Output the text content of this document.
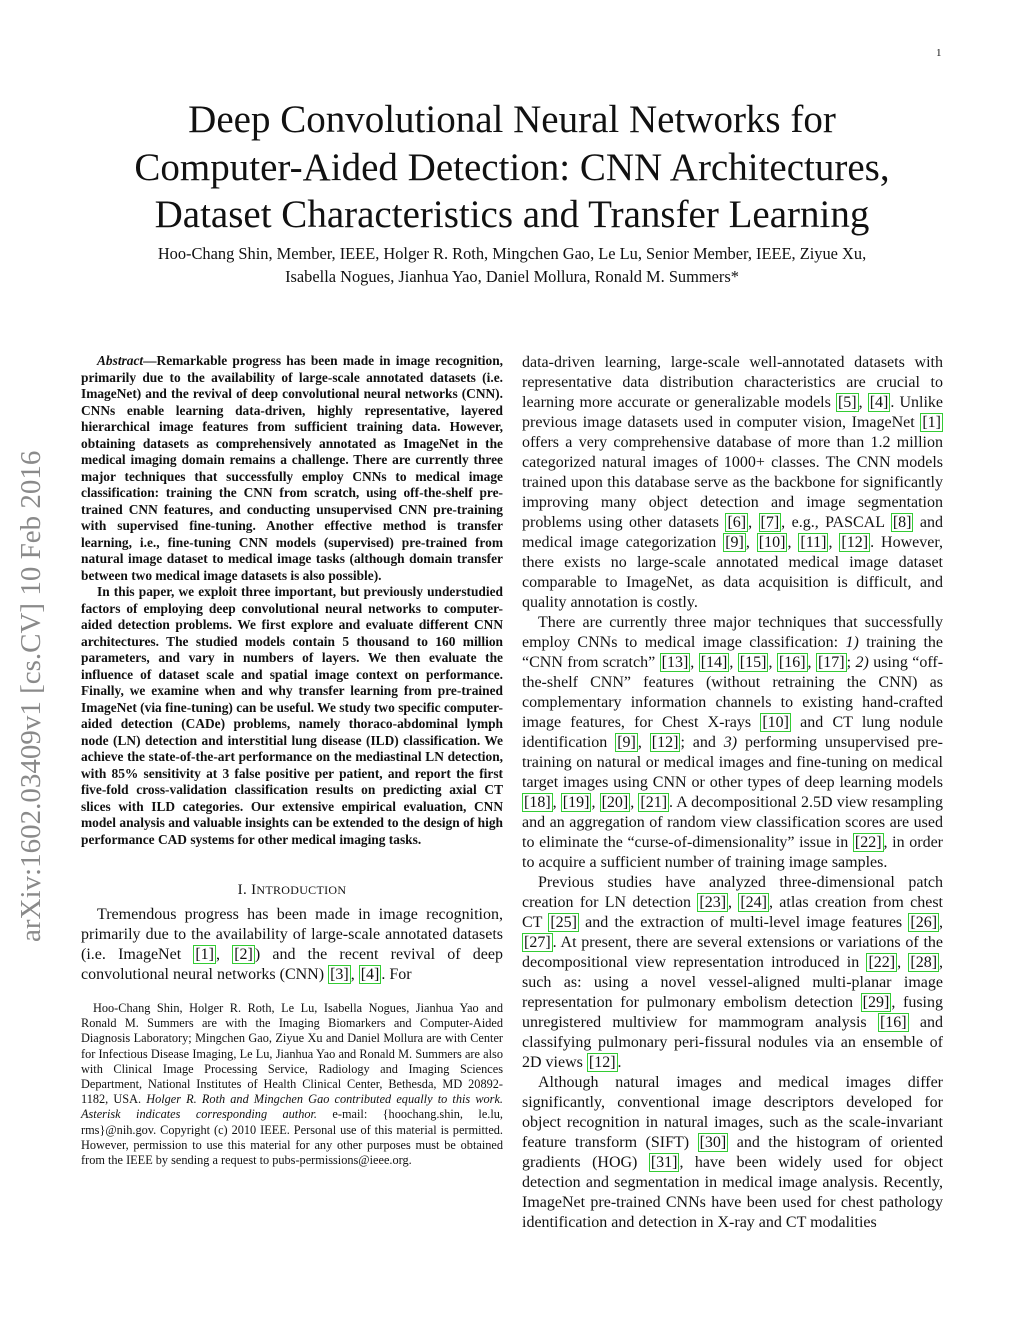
1
Deep Convolutional Neural Networks for
Computer-Aided Detection: CNN Architectures,
Dataset Characteristics and Transfer Learning
Hoo-Chang Shin, Member, IEEE, Holger R. Roth, Mingchen Gao, Le Lu, Senior Member, IEEE, Ziyue Xu,
Isabella Nogues, Jianhua Yao, Daniel Mollura, Ronald M. Summers*
arXiv:1602.03409v1 [cs.CV] 10 Feb 2016

Abstract—Remarkable progress has been made in image recognition, primarily due to the availability of large-scale annotated datasets (i.e. ImageNet) and the revival of deep convolutional neural networks (CNN). CNNs enable learning data-driven, highly representative, layered hierarchical image features from sufficient training data. However, obtaining datasets as comprehensively annotated as ImageNet in the medical imaging domain remains a challenge. There are currently three major techniques that successfully employ CNNs to medical image classification: training the CNN from scratch, using off-the-shelf pre-trained CNN features, and conducting unsupervised CNN pre-training with supervised fine-tuning. Another effective method is transfer learning, i.e., fine-tuning CNN models (supervised) pre-trained from natural image dataset to medical image tasks (although domain transfer between two medical image datasets is also possible).

In this paper, we exploit three important, but previously understudied factors of employing deep convolutional neural networks to computer-aided detection problems. We first explore and evaluate different CNN architectures. The studied models contain 5 thousand to 160 million parameters, and vary in numbers of layers. We then evaluate the influence of dataset scale and spatial image context on performance. Finally, we examine when and why transfer learning from pre-trained ImageNet (via fine-tuning) can be useful. We study two specific computer-aided detection (CADe) problems, namely thoraco-abdominal lymph node (LN) detection and interstitial lung disease (ILD) classification. We achieve the state-of-the-art performance on the mediastinal LN detection, with 85% sensitivity at 3 false positive per patient, and report the first five-fold cross-validation classification results on predicting axial CT slices with ILD categories. Our extensive empirical evaluation, CNN model analysis and valuable insights can be extended to the design of high performance CAD systems for other medical imaging tasks.

I. INTRODUCTION

Tremendous progress has been made in image recognition, primarily due to the availability of large-scale annotated datasets (i.e. ImageNet [1] , [2] ) and the recent revival of deep convolutional neural networks (CNN) [3] , [4] . For

Hoo-Chang Shin, Holger R. Roth, Le Lu, Isabella Nogues, Jianhua Yao and Ronald M. Summers are with the Imaging Biomarkers and Computer-Aided Diagnosis Laboratory; Mingchen Gao, Ziyue Xu and Daniel Mollura are with Center for Infectious Disease Imaging, Le Lu, Jianhua Yao and Ronald M. Summers are also with Clinical Image Processing Service, Radiology and Imaging Sciences Department, National Institutes of Health Clinical Center, Bethesda, MD 20892-1182, USA. Holger R. Roth and Mingchen Gao contributed equally to this work. Asterisk indicates corresponding author. e-mail: {hoochang.shin, le.lu, rms}@nih.gov. Copyright (c) 2010 IEEE. Personal use of this material is permitted. However, permission to use this material for any other purposes must be obtained from the IEEE by sending a request to pubs-permissions@ieee.org.

data-driven learning, large-scale well-annotated datasets with representative data distribution characteristics are crucial to learning more accurate or generalizable models [5] , [4] . Unlike previous image datasets used in computer vision, ImageNet [1] offers a very comprehensive database of more than 1.2 million categorized natural images of 1000+ classes. The CNN models trained upon this database serve as the backbone for significantly improving many object detection and image segmentation problems using other datasets [6] , [7] , e.g., PASCAL [8] and medical image categorization [9] , [10] , [11] , [12] . However, there exists no large-scale annotated medical image dataset comparable to ImageNet, as data acquisition is difficult, and quality annotation is costly.

There are currently three major techniques that successfully employ CNNs to medical image classification: 1) training the “CNN from scratch” [13] , [14] , [15] , [16] , [17] ; 2) using “off-the-shelf CNN” features (without retraining the CNN) as complementary information channels to existing hand-crafted image features, for Chest X-rays [10] and CT lung nodule identification [9] , [12] ; and 3) performing unsupervised pre-training on natural or medical images and fine-tuning on medical target images using CNN or other types of deep learning models [18] , [19] , [20] , [21] . A decompositional 2.5D view resampling and an aggregation of random view classification scores are used to eliminate the “curse-of-dimensionality” issue in [22] , in order to acquire a sufficient number of training image samples.

Previous studies have analyzed three-dimensional patch creation for LN detection [23] , [24] , atlas creation from chest CT [25] and the extraction of multi-level image features [26] , [27] . At present, there are several extensions or variations of the decompositional view representation introduced in [22] , [28] , such as: using a novel vessel-aligned multi-planar image representation for pulmonary embolism detection [29] , fusing unregistered multiview for mammogram analysis [16] and classifying pulmonary peri-fissural nodules via an ensemble of 2D views [12] .

Although natural images and medical images differ significantly, conventional image descriptors developed for object recognition in natural images, such as the scale-invariant feature transform (SIFT) [30] and the histogram of oriented gradients (HOG) [31] , have been widely used for object detection and segmentation in medical image analysis. Recently, ImageNet pre-trained CNNs have been used for chest pathology identification and detection in X-ray and CT modalities
